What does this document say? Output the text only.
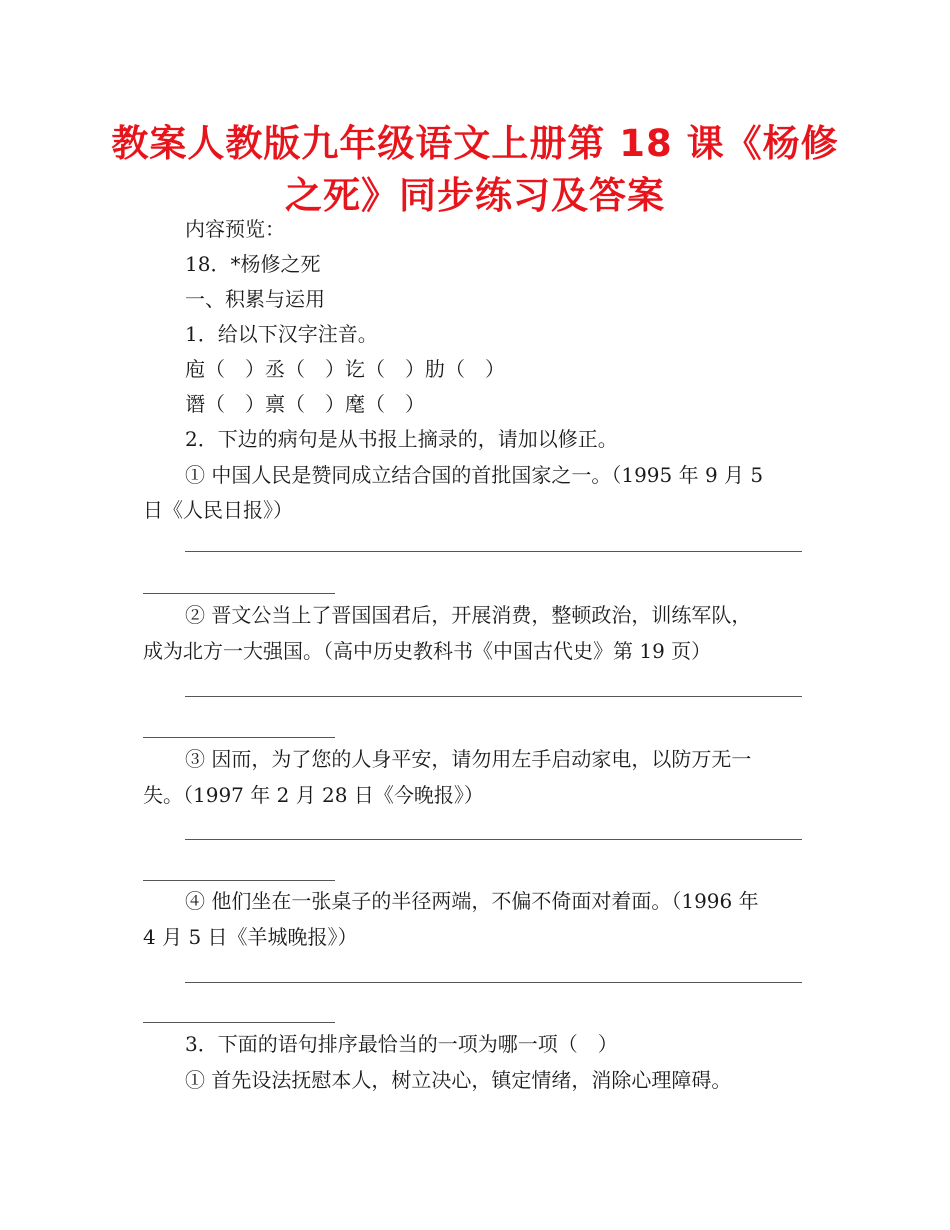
教案人教版九年级语文上册第 18 课《杨修之死》同步练习及答案
内容预览：
18．*杨修之死
一、积累与运用
1．给以下汉字注音。
庖（　）丞（　）讫（　）肋（　）
谮（　）禀（　）麾（　）
2．下边的病句是从书报上摘录的，请加以修正。
① 中国人民是赞同成立结合国的首批国家之一。（1995 年 9 月 5
日《人民日报》）
② 晋文公当上了晋国国君后，开展消费，整顿政治，训练军队，
成为北方一大强国。（高中历史教科书《中国古代史》第 19 页）
③ 因而，为了您的人身平安，请勿用左手启动家电，以防万无一
失。（1997 年 2 月 28 日《今晚报》）
④ 他们坐在一张桌子的半径两端，不偏不倚面对着面。（1996 年
4 月 5 日《羊城晚报》）
3．下面的语句排序最恰当的一项为哪一项（　）
① 首先设法抚慰本人，树立决心，镇定情绪，消除心理障碍。
